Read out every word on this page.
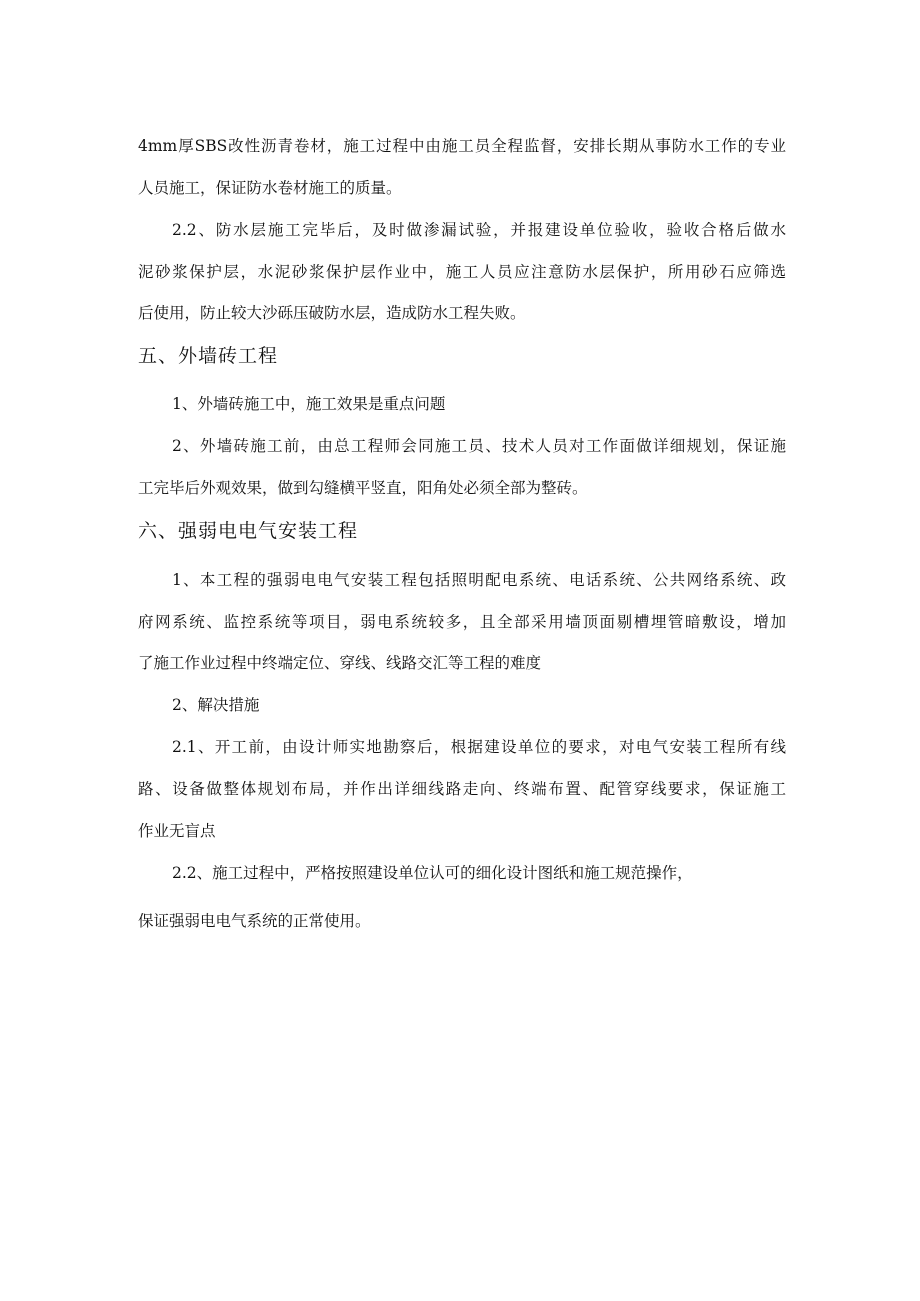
4mm厚SBS改性沥青卷材，施工过程中由施工员全程监督，安排长期从事防水工作的专业
人员施工，保证防水卷材施工的质量。
2.2、防水层施工完毕后，及时做渗漏试验，并报建设单位验收，验收合格后做水
泥砂浆保护层，水泥砂浆保护层作业中，施工人员应注意防水层保护，所用砂石应筛选
后使用，防止较大沙砾压破防水层，造成防水工程失败。
五、外墙砖工程
1、外墙砖施工中，施工效果是重点问题
2、外墙砖施工前，由总工程师会同施工员、技术人员对工作面做详细规划，保证施
工完毕后外观效果，做到勾缝横平竖直，阳角处必须全部为整砖。
六、强弱电电气安装工程
1、本工程的强弱电电气安装工程包括照明配电系统、电话系统、公共网络系统、政
府网系统、监控系统等项目，弱电系统较多，且全部采用墙顶面剔槽埋管暗敷设，增加
了施工作业过程中终端定位、穿线、线路交汇等工程的难度
2、解决措施
2.1、开工前，由设计师实地勘察后，根据建设单位的要求，对电气安装工程所有线
路、设备做整体规划布局，并作出详细线路走向、终端布置、配管穿线要求，保证施工
作业无盲点
2.2、施工过程中，严格按照建设单位认可的细化设计图纸和施工规范操作，
保证强弱电电气系统的正常使用。
